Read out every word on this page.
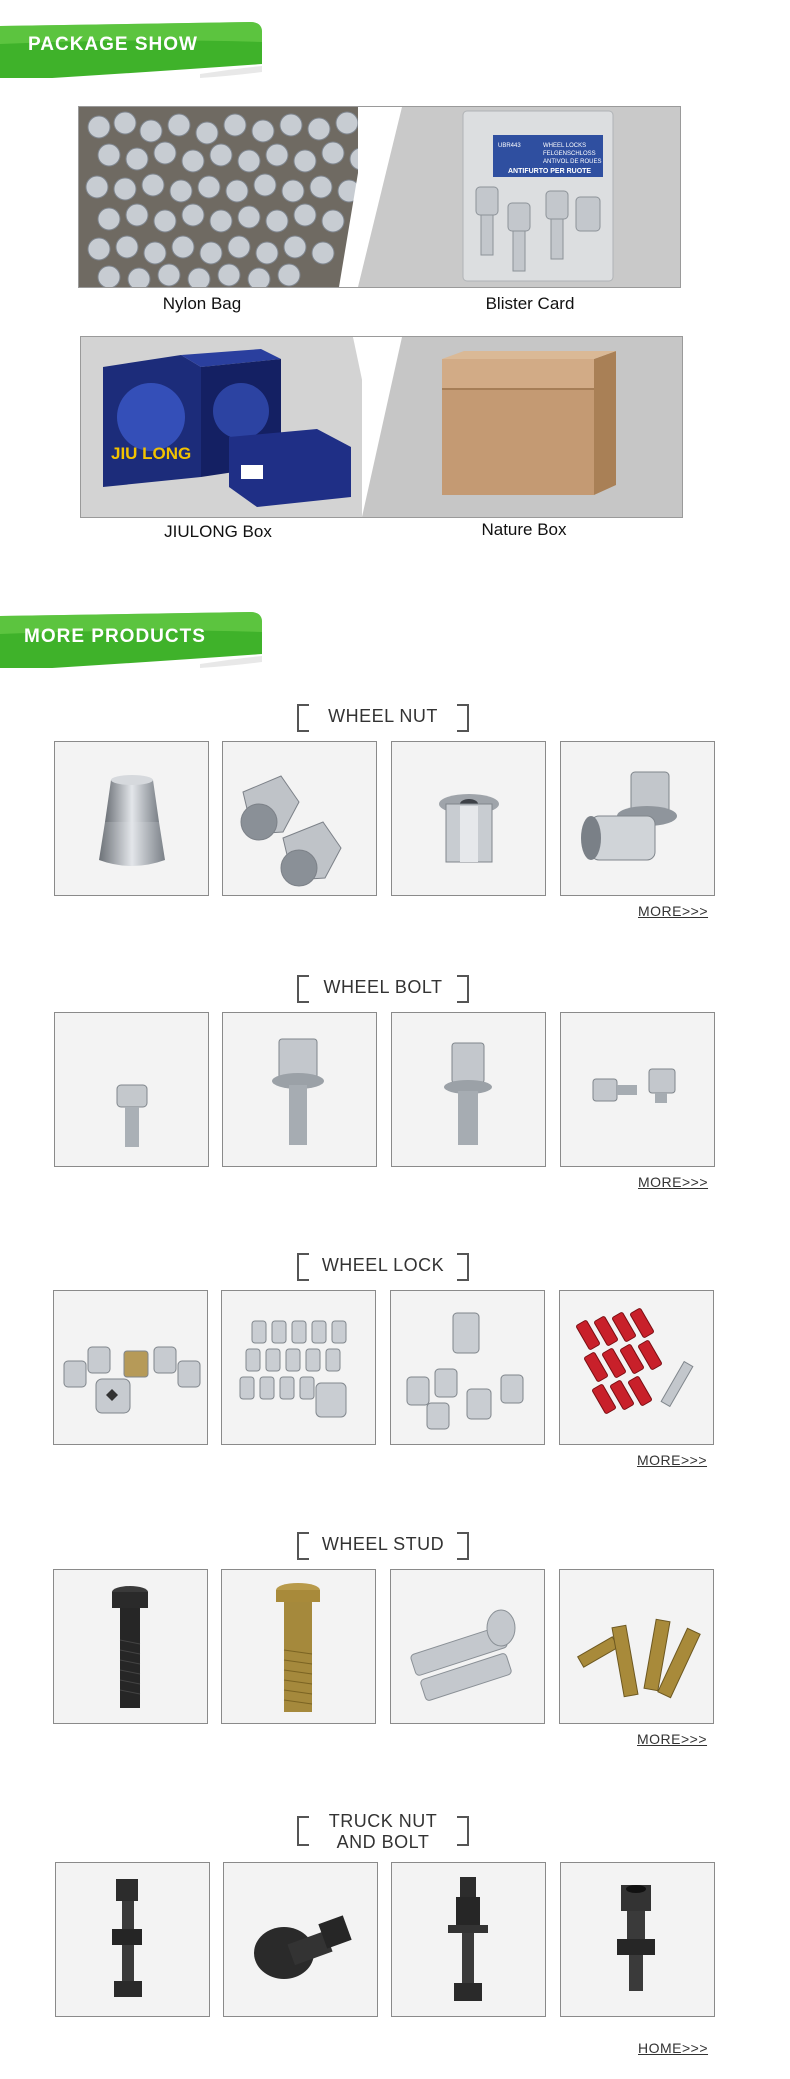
PACKAGE SHOW
UBR443	WHEEL LOCKS
FELGENSCHLOSS
ANTIVOL DE ROUES
ANTIFURTO PER RUOTE
Nylon Bag	Blister Card
JIU LONG
JIULONG Box	Nature Box
MORE PRODUCTS
WHEEL NUT
MORE>>>
WHEEL BOLT
MORE>>>
WHEEL LOCK
MORE>>>
WHEEL STUD
MORE>>>
TRUCK NUT
AND BOLT
HOME>>>
